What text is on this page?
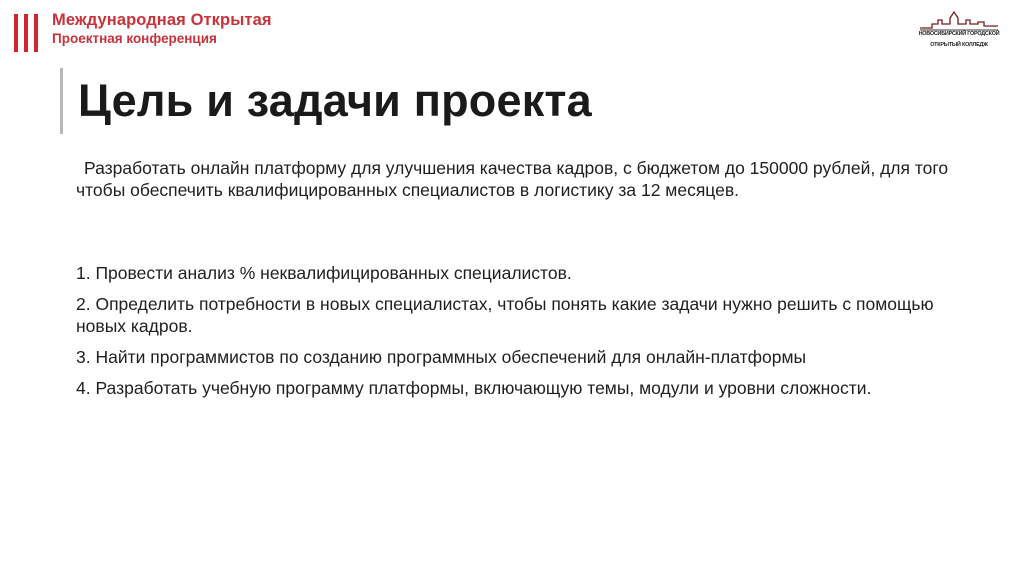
Международная Открытая
Проектная конференция	НОВОСИБИРСКИЙ ГОРОДСКОЙ
ОТКРЫТЫЙ КОЛЛЕДЖ
Цель и задачи проекта

Разработать онлайн платформу для улучшения качества кадров, с бюджетом до 150000 рублей, для того чтобы обеспечить квалифицированных специалистов в логистику за 12 месяцев.

1. Провести анализ % неквалифицированных специалистов.

2. Определить потребности в новых специалистах, чтобы понять какие задачи нужно решить с помощью новых кадров.

3. Найти программистов по созданию программных обеспечений для онлайн-платформы

4. Разработать учебную программу платформы, включающую темы, модули и уровни сложности.
